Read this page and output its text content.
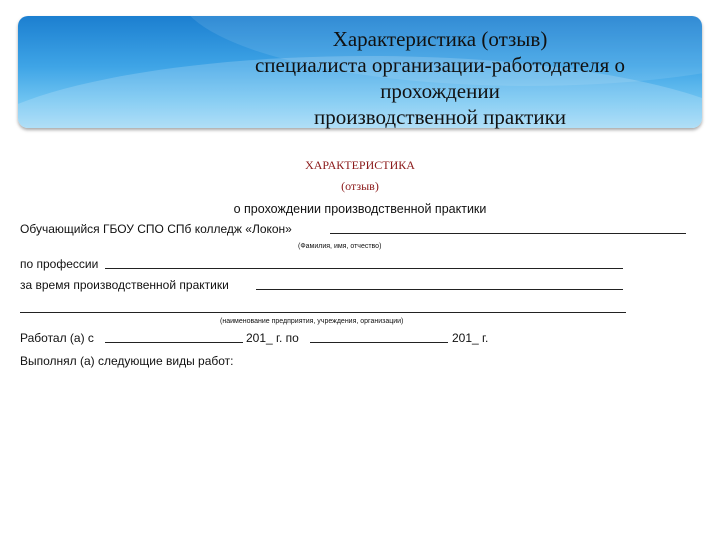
Характеристика (отзыв)
специалиста организации-работодателя о
прохождении
производственной практики
ХАРАКТЕРИСТИКА
(отзыв)
о прохождении производственной практики
Обучающийся ГБОУ СПО СПб колледж «Локон»
(Фамилия, имя, отчество)
по профессии
за время производственной практики
(наименование предприятия, учреждения, организации)
Работал (а) с	201_ г. по	201_ г.
Выполнял (а) следующие виды работ:
